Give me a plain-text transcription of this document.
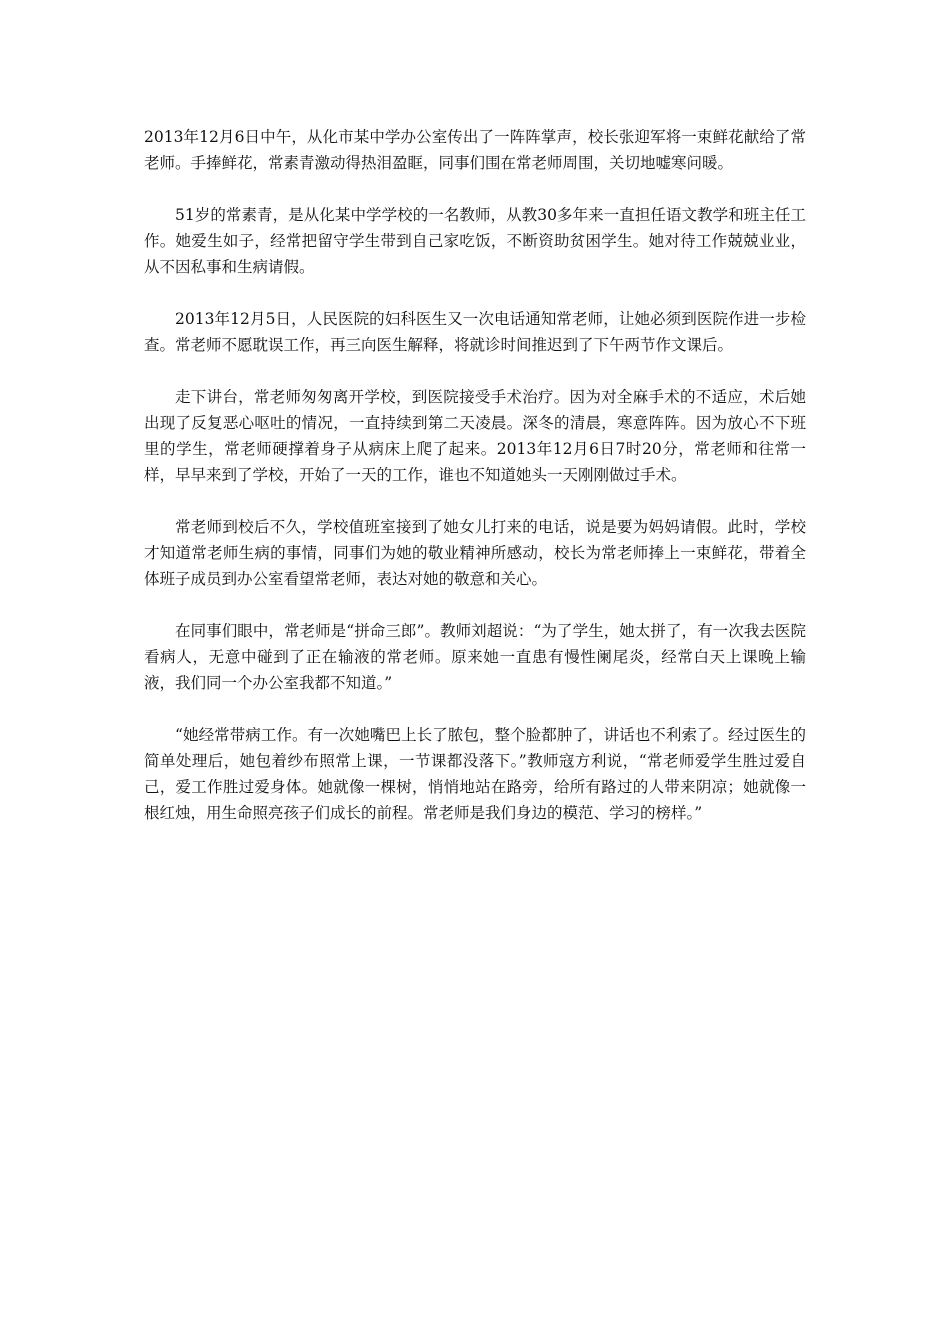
2013年12月6日中午，从化市某中学办公室传出了一阵阵掌声，校长张迎军将一束鲜花献给了常老师。手捧鲜花，常素青激动得热泪盈眶，同事们围在常老师周围，关切地嘘寒问暖。

51岁的常素青，是从化某中学学校的一名教师，从教30多年来一直担任语文教学和班主任工作。她爱生如子，经常把留守学生带到自己家吃饭，不断资助贫困学生。她对待工作兢兢业业，从不因私事和生病请假。

2013年12月5日，人民医院的妇科医生又一次电话通知常老师，让她必须到医院作进一步检查。常老师不愿耽误工作，再三向医生解释，将就诊时间推迟到了下午两节作文课后。

走下讲台，常老师匆匆离开学校，到医院接受手术治疗。因为对全麻手术的不适应，术后她出现了反复恶心呕吐的情况，一直持续到第二天凌晨。深冬的清晨，寒意阵阵。因为放心不下班里的学生，常老师硬撑着身子从病床上爬了起来。2013年12月6日7时20分，常老师和往常一样，早早来到了学校，开始了一天的工作，谁也不知道她头一天刚刚做过手术。

常老师到校后不久，学校值班室接到了她女儿打来的电话，说是要为妈妈请假。此时，学校才知道常老师生病的事情，同事们为她的敬业精神所感动，校长为常老师捧上一束鲜花，带着全体班子成员到办公室看望常老师，表达对她的敬意和关心。

在同事们眼中，常老师是“拼命三郎”。教师刘超说：“为了学生，她太拼了，有一次我去医院看病人，无意中碰到了正在输液的常老师。原来她一直患有慢性阑尾炎，经常白天上课晚上输液，我们同一个办公室我都不知道。”

“她经常带病工作。有一次她嘴巴上长了脓包，整个脸都肿了，讲话也不利索了。经过医生的简单处理后，她包着纱布照常上课，一节课都没落下。”教师寇方利说，“常老师爱学生胜过爱自己，爱工作胜过爱身体。她就像一棵树，悄悄地站在路旁，给所有路过的人带来阴凉；她就像一根红烛，用生命照亮孩子们成长的前程。常老师是我们身边的模范、学习的榜样。”
